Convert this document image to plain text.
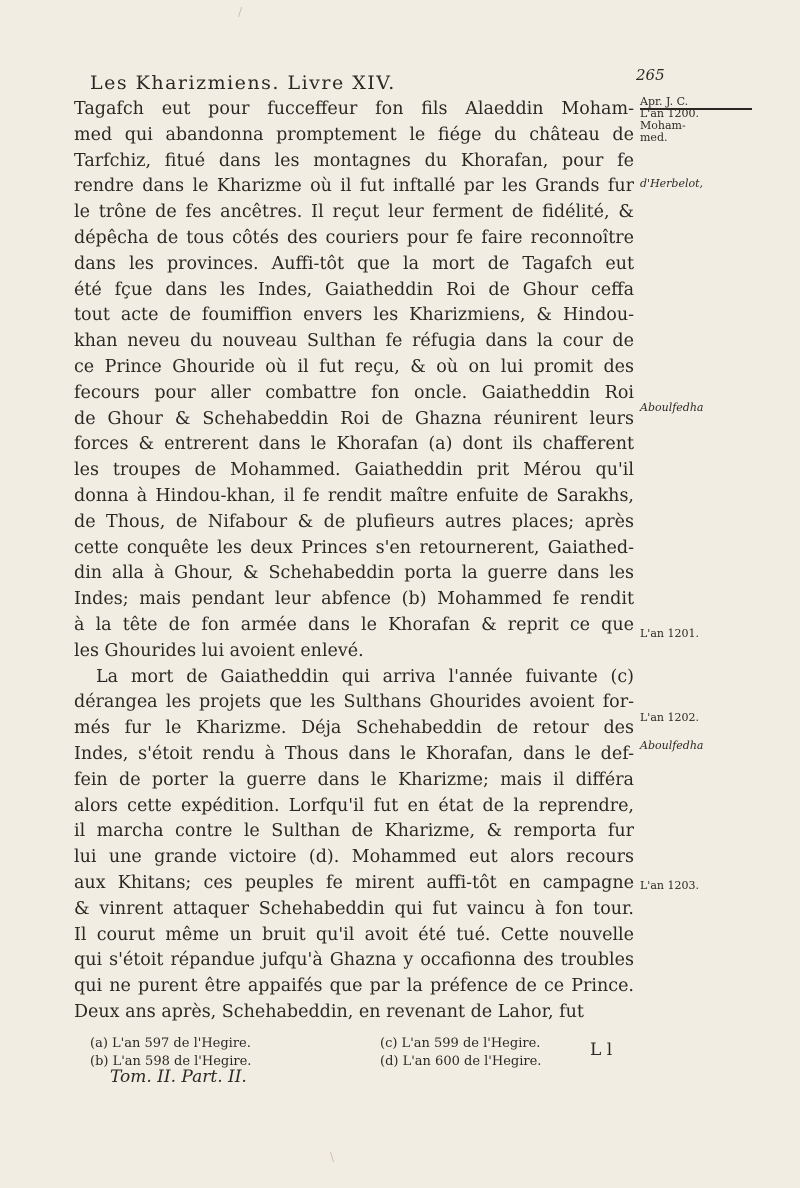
Les Kharizmiens. Livre XIV.	265
Tagafch eut pour fucceffeur fon fils Alaeddin Moham-
med qui abandonna promptement le fiége du château de
Tarfchiz, fitué dans les montagnes du Khorafan, pour fe
rendre dans le Kharizme où il fut inftallé par les Grands fur
le trône de fes ancêtres. Il reçut leur ferment de fidélité, &
dépêcha de tous côtés des couriers pour fe faire reconnoître
dans les provinces. Auffi-tôt que la mort de Tagafch eut
été fçue dans les Indes, Gaiatheddin Roi de Ghour ceffa
tout acte de foumiffion envers les Kharizmiens, & Hindou-
khan neveu du nouveau Sulthan fe réfugia dans la cour de
ce Prince Ghouride où il fut reçu, & où on lui promit des
fecours pour aller combattre fon oncle. Gaiatheddin Roi
de Ghour & Schehabeddin Roi de Ghazna réunirent leurs
forces & entrerent dans le Khorafan (a) dont ils chafferent
les troupes de Mohammed. Gaiatheddin prit Mérou qu'il
donna à Hindou-khan, il fe rendit maître enfuite de Sarakhs,
de Thous, de Nifabour & de plufieurs autres places; après
cette conquête les deux Princes s'en retournerent, Gaiathed-
din alla à Ghour, & Schehabeddin porta la guerre dans les
Indes; mais pendant leur abfence (b) Mohammed fe rendit
à la tête de fon armée dans le Khorafan & reprit ce que
les Ghourides lui avoient enlevé.
La mort de Gaiatheddin qui arriva l'année fuivante (c)
dérangea les projets que les Sulthans Ghourides avoient for-
més fur le Kharizme. Déja Schehabeddin de retour des
Indes, s'étoit rendu à Thous dans le Khorafan, dans le def-
fein de porter la guerre dans le Kharizme; mais il différa
alors cette expédition. Lorfqu'il fut en état de la reprendre,
il marcha contre le Sulthan de Kharizme, & remporta fur
lui une grande victoire (d). Mohammed eut alors recours
aux Khitans; ces peuples fe mirent auffi-tôt en campagne
& vinrent attaquer Schehabeddin qui fut vaincu à fon tour.
Il courut même un bruit qu'il avoit été tué. Cette nouvelle
qui s'étoit répandue jufqu'à Ghazna y occafionna des troubles
qui ne purent être appaifés que par la préfence de ce Prince.
Deux ans après, Schehabeddin, en revenant de Lahor, fut
Apr. J. C.
L'an 1200.
Moham-
med.
d'Herbelot,
Aboulfedha
L'an 1201.
L'an 1202.
Aboulfedha
L'an 1203.
(a) L'an 597 de l'Hegire.
(b) L'an 598 de l'Hegire.
(c) L'an 599 de l'Hegire.
(d) L'an 600 de l'Hegire.
L l
Tom. II. Part. II.
/
\
